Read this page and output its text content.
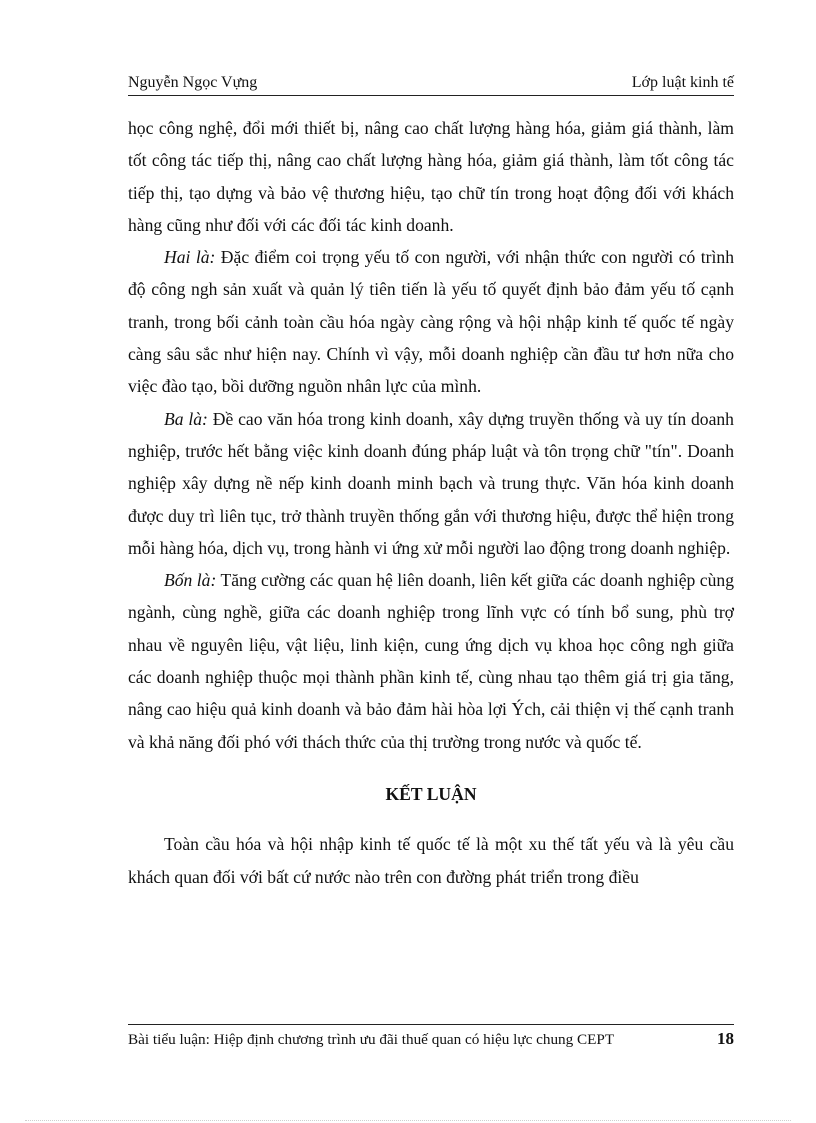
Nguyễn Ngọc Vựng	Lớp luật kinh tế

học công nghệ, đổi mới thiết bị, nâng cao chất lượng hàng hóa, giảm giá thành, làm tốt công tác tiếp thị, nâng cao chất lượng hàng hóa, giảm giá thành, làm tốt công tác tiếp thị, tạo dựng và bảo vệ thương hiệu, tạo chữ tín trong hoạt động đối với khách hàng cũng như đối với các đối tác kinh doanh.

Hai là: Đặc điểm coi trọng yếu tố con người, với nhận thức con người có trình độ công ngh sản xuất và quản lý tiên tiến là yếu tố quyết định bảo đảm yếu tố cạnh tranh, trong bối cảnh toàn cầu hóa ngày càng rộng và hội nhập kinh tế quốc tế ngày càng sâu sắc như hiện nay. Chính vì vậy, mỗi doanh nghiệp cần đầu tư hơn nữa cho việc đào tạo, bồi dưỡng nguồn nhân lực của mình.

Ba là: Đề cao văn hóa trong kinh doanh, xây dựng truyền thống và uy tín doanh nghiệp, trước hết bằng việc kinh doanh đúng pháp luật và tôn trọng chữ "tín". Doanh nghiệp xây dựng nề nếp kinh doanh minh bạch và trung thực. Văn hóa kinh doanh được duy trì liên tục, trở thành truyền thống gắn với thương hiệu, được thể hiện trong mỗi hàng hóa, dịch vụ, trong hành vi ứng xử mỗi người lao động trong doanh nghiệp.

Bốn là: Tăng cường các quan hệ liên doanh, liên kết giữa các doanh nghiệp cùng ngành, cùng nghề, giữa các doanh nghiệp trong lĩnh vực có tính bổ sung, phù trợ nhau về nguyên liệu, vật liệu, linh kiện, cung ứng dịch vụ khoa học công ngh giữa các doanh nghiệp thuộc mọi thành phần kinh tế, cùng nhau tạo thêm giá trị gia tăng, nâng cao hiệu quả kinh doanh và bảo đảm hài hòa lợi Ých, cải thiện vị thế cạnh tranh và khả năng đối phó với thách thức của thị trường trong nước và quốc tế.

KẾT LUẬN

Toàn cầu hóa và hội nhập kinh tế quốc tế là một xu thế tất yếu và là yêu cầu khách quan đối với bất cứ nước nào trên con đường phát triển trong điều

Bài tiểu luận: Hiệp định chương trình ưu đãi thuế quan có hiệu lực chung CEPT	18
